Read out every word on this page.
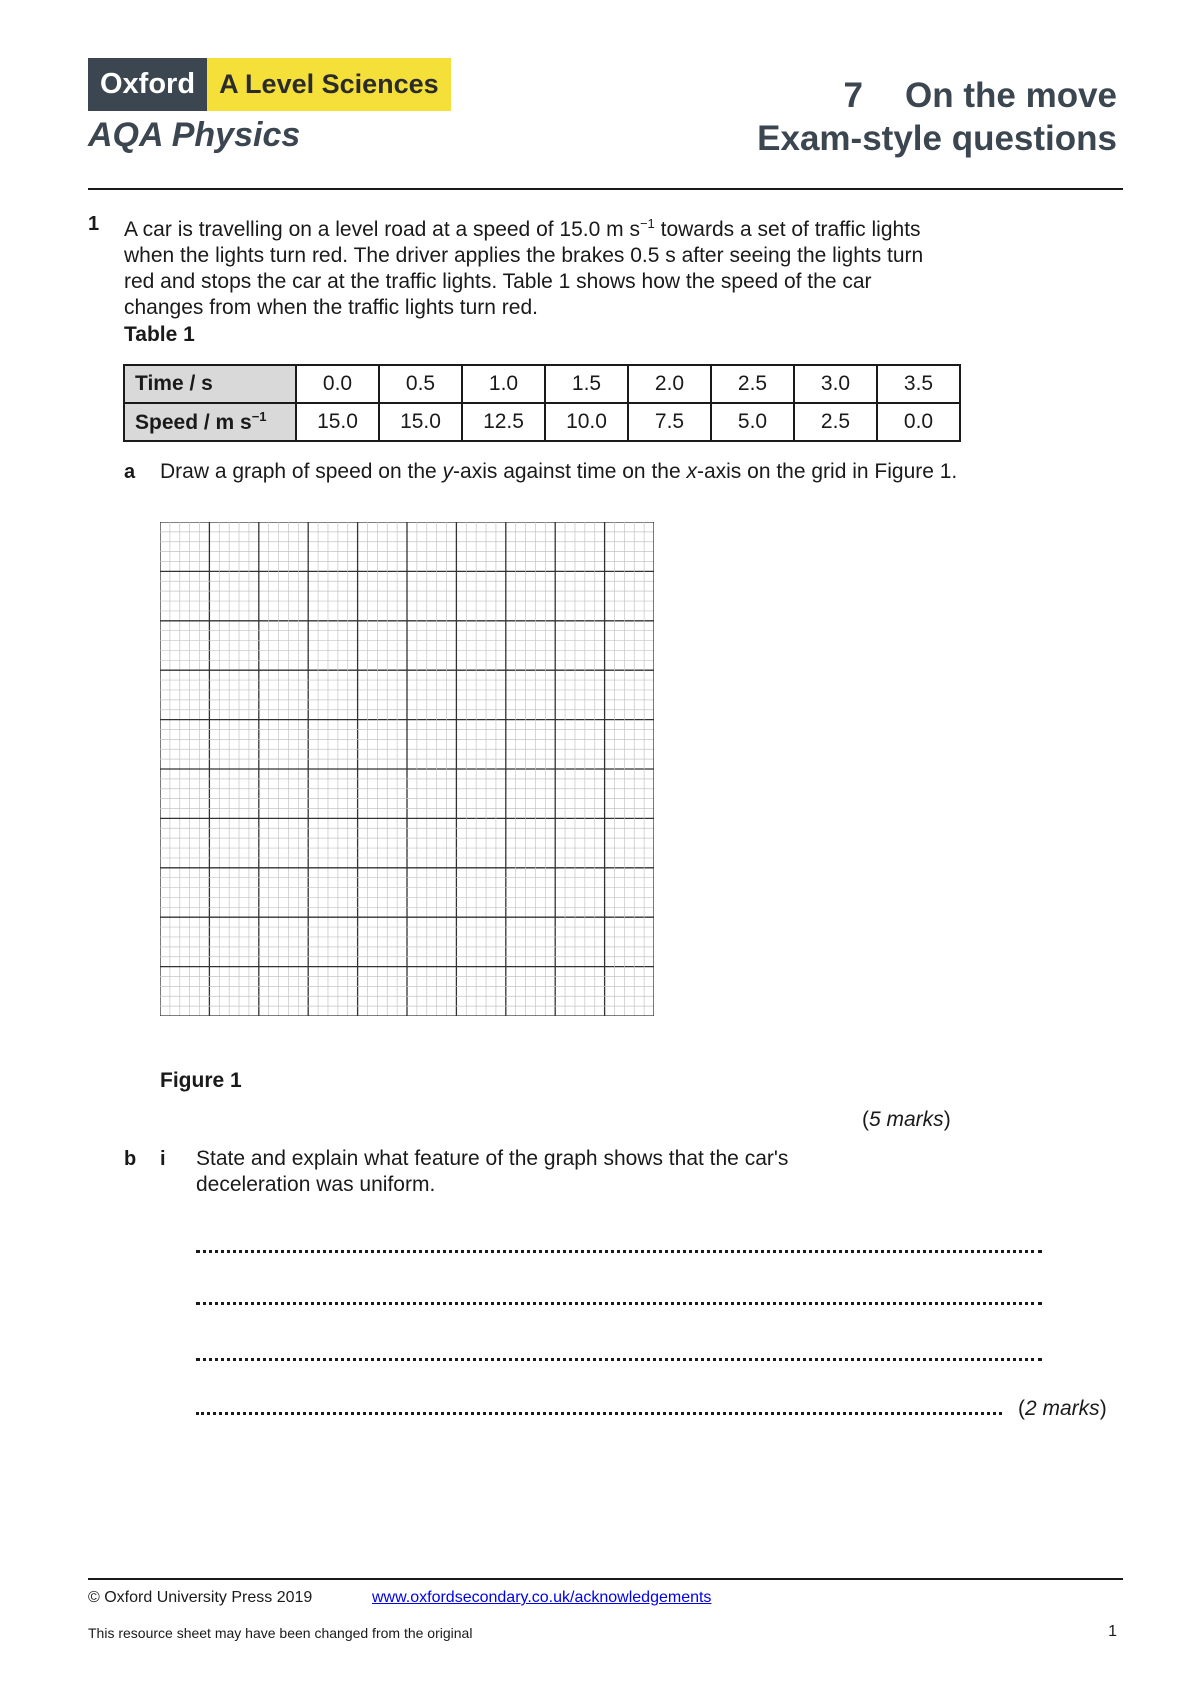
Oxford A Level Sciences
AQA Physics
7 On the move
Exam-style questions
1 A car is travelling on a level road at a speed of 15.0 m $s^{-1}$ towards a set of traffic lights when the lights turn red. The driver applies the brakes 0.5 s after seeing the lights turn red and stops the car at the traffic lights. Table 1 shows how the speed of the car changes from when the traffic lights turn red.
Table 1
Time / s	0.0	0.5	1.0	1.5	2.0	2.5	3.0	3.5
Speed / m $s^{-1}$	15.0	15.0	12.5	10.0	7.5	5.0	2.5	0.0
a Draw a graph of speed on the y-axis against time on the x-axis on the grid in Figure 1.
Figure 1
(5 marks)
b i State and explain what feature of the graph shows that the car's deceleration was uniform.
(2 marks)
© Oxford University Press 2019	www.oxfordsecondary.co.uk/acknowledgements
This resource sheet may have been changed from the original	1
